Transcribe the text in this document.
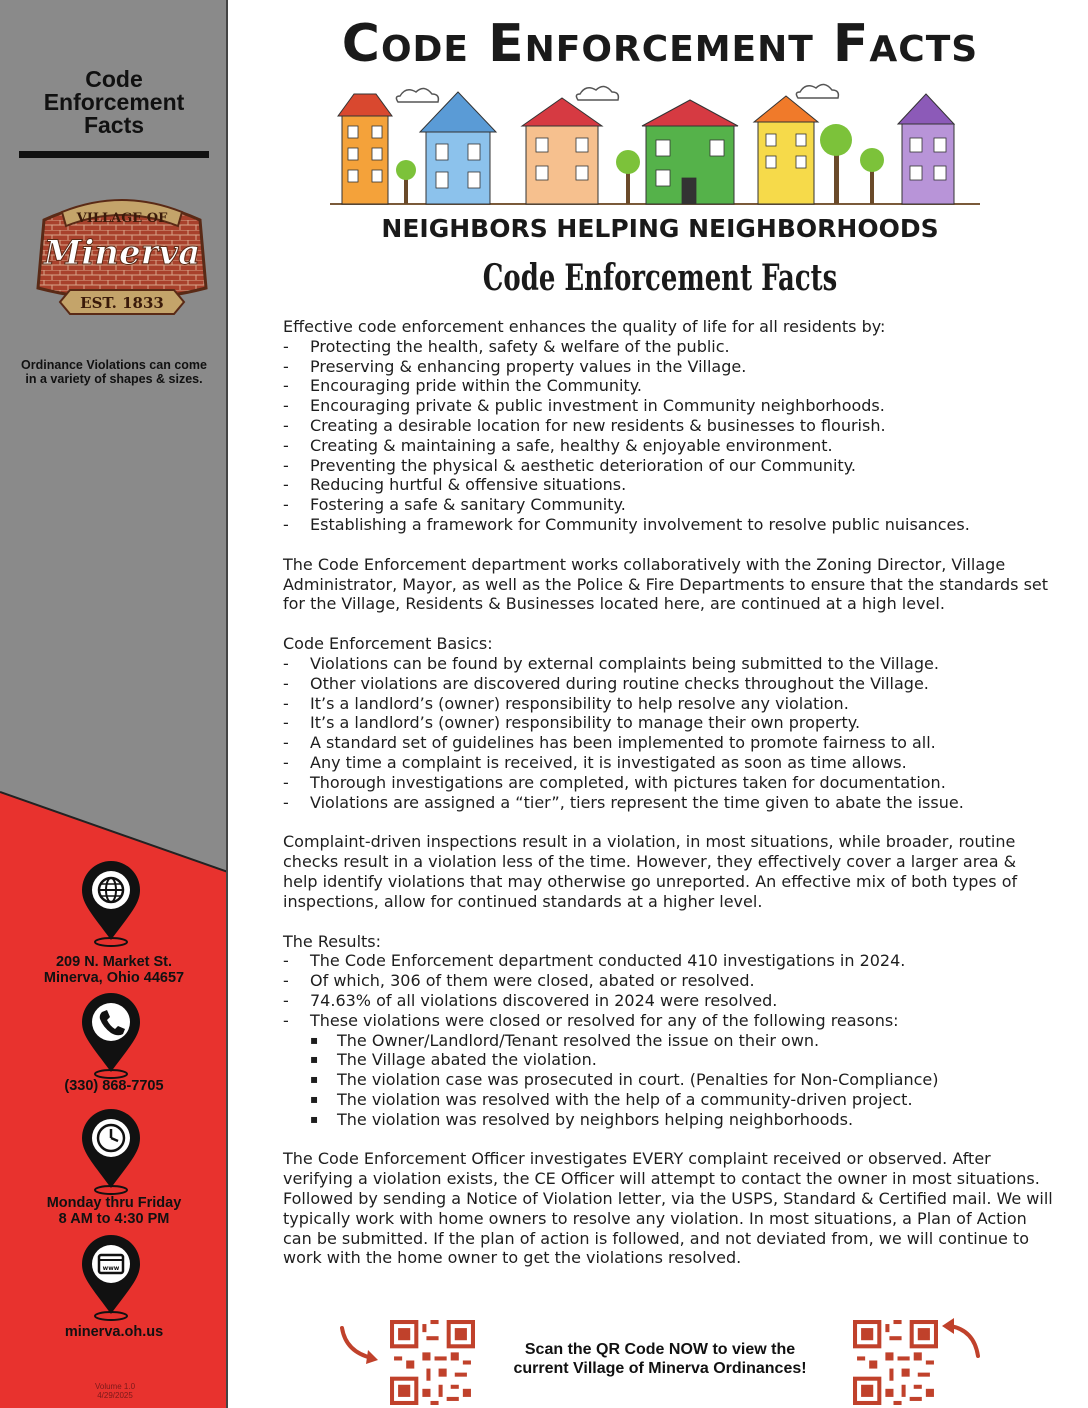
Code
Enforcement
Facts
VILLAGE OF
Minerva
EST. 1833
Ordinance Violations can come
in a variety of shapes & sizes.
209 N. Market St.
Minerva, Ohio 44657
(330) 868-7705
Monday thru Friday
8 AM to 4:30 PM
www
minerva.oh.us
Volume 1.0
4/29/2025
Code Enforcement Facts
NEIGHBORS HELPING NEIGHBORHOODS
Code Enforcement Facts

Effective code enforcement enhances the quality of life for all residents by:

- Protecting the health, safety & welfare of the public.
- Preserving & enhancing property values in the Village.
- Encouraging pride within the Community.
- Encouraging private & public investment in Community neighborhoods.
- Creating a desirable location for new residents & businesses to flourish.
- Creating & maintaining a safe, healthy & enjoyable environment.
- Preventing the physical & aesthetic deterioration of our Community.
- Reducing hurtful & offensive situations.
- Fostering a safe & sanitary Community.
- Establishing a framework for Community involvement to resolve public nuisances.

The Code Enforcement department works collaboratively with the Zoning Director, Village Administrator, Mayor, as well as the Police & Fire Departments to ensure that the standards set for the Village, Residents & Businesses located here, are continued at a high level.

Code Enforcement Basics:

- Violations can be found by external complaints being submitted to the Village.
- Other violations are discovered during routine checks throughout the Village.
- It’s a landlord’s (owner) responsibility to help resolve any violation.
- It’s a landlord’s (owner) responsibility to manage their own property.
- A standard set of guidelines has been implemented to promote fairness to all.
- Any time a complaint is received, it is investigated as soon as time allows.
- Thorough investigations are completed, with pictures taken for documentation.
- Violations are assigned a “tier”, tiers represent the time given to abate the issue.

Complaint-driven inspections result in a violation, in most situations, while broader, routine checks result in a violation less of the time. However, they effectively cover a larger area & help identify violations that may otherwise go unreported. An effective mix of both types of inspections, allow for continued standards at a higher level.

The Results:

- The Code Enforcement department conducted 410 investigations in 2024.
- Of which, 306 of them were closed, abated or resolved.
- 74.63% of all violations discovered in 2024 were resolved.
- These violations were closed or resolved for any of the following reasons:
▪ The Owner/Landlord/Tenant resolved the issue on their own.
▪ The Village abated the violation.
▪ The violation case was prosecuted in court. (Penalties for Non-Compliance)
▪ The violation was resolved with the help of a community-driven project.
▪ The violation was resolved by neighbors helping neighborhoods.

The Code Enforcement Officer investigates EVERY complaint received or observed. After verifying a violation exists, the CE Officer will attempt to contact the owner in most situations. Followed by sending a Notice of Violation letter, via the USPS, Standard & Certified mail. We will typically work with home owners to resolve any violation. In most situations, a Plan of Action can be submitted. If the plan of action is followed, and not deviated from, we will continue to work with the home owner to get the violations resolved.

Scan the QR Code NOW to view the
current Village of Minerva Ordinances!
